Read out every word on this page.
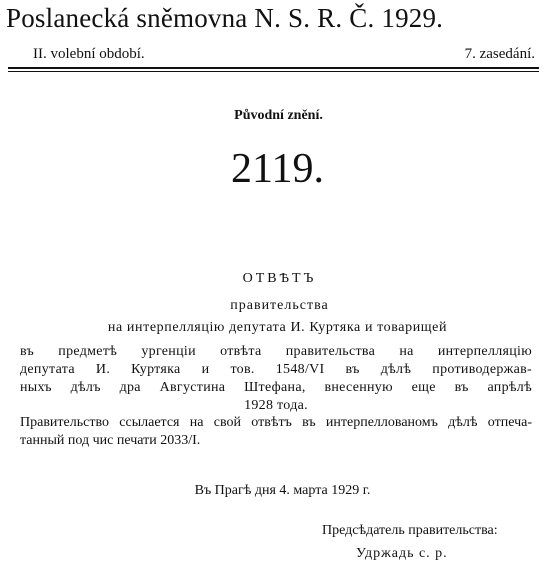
Poslanecká sněmovna N. S. R. Č. 1929.
II. volební období.	7. zasedání.
Původní znění.
2119.
ОТВѢТЪ
правительства
на интерпелляцію депутата И. Куртяка и товарищей
въ предметѣ ургенціи отвѣта правительства на интерпелляцію
депутата И. Куртяка и тов. 1548/VI въ дѣлѣ противодержав-
ныхъ дѣлъ дра Августина Штефана, внесенную еще въ апрѣлѣ
1928 тода.
Правительство ссылается на свой отвѣтъ въ интерпеллованомъ дѣлѣ отпеча-
танный под чис печати 2033/I.
Въ Прагѣ дня 4. марта 1929 г.
Предсѣдатель правительства:
Удржадь с. р.
